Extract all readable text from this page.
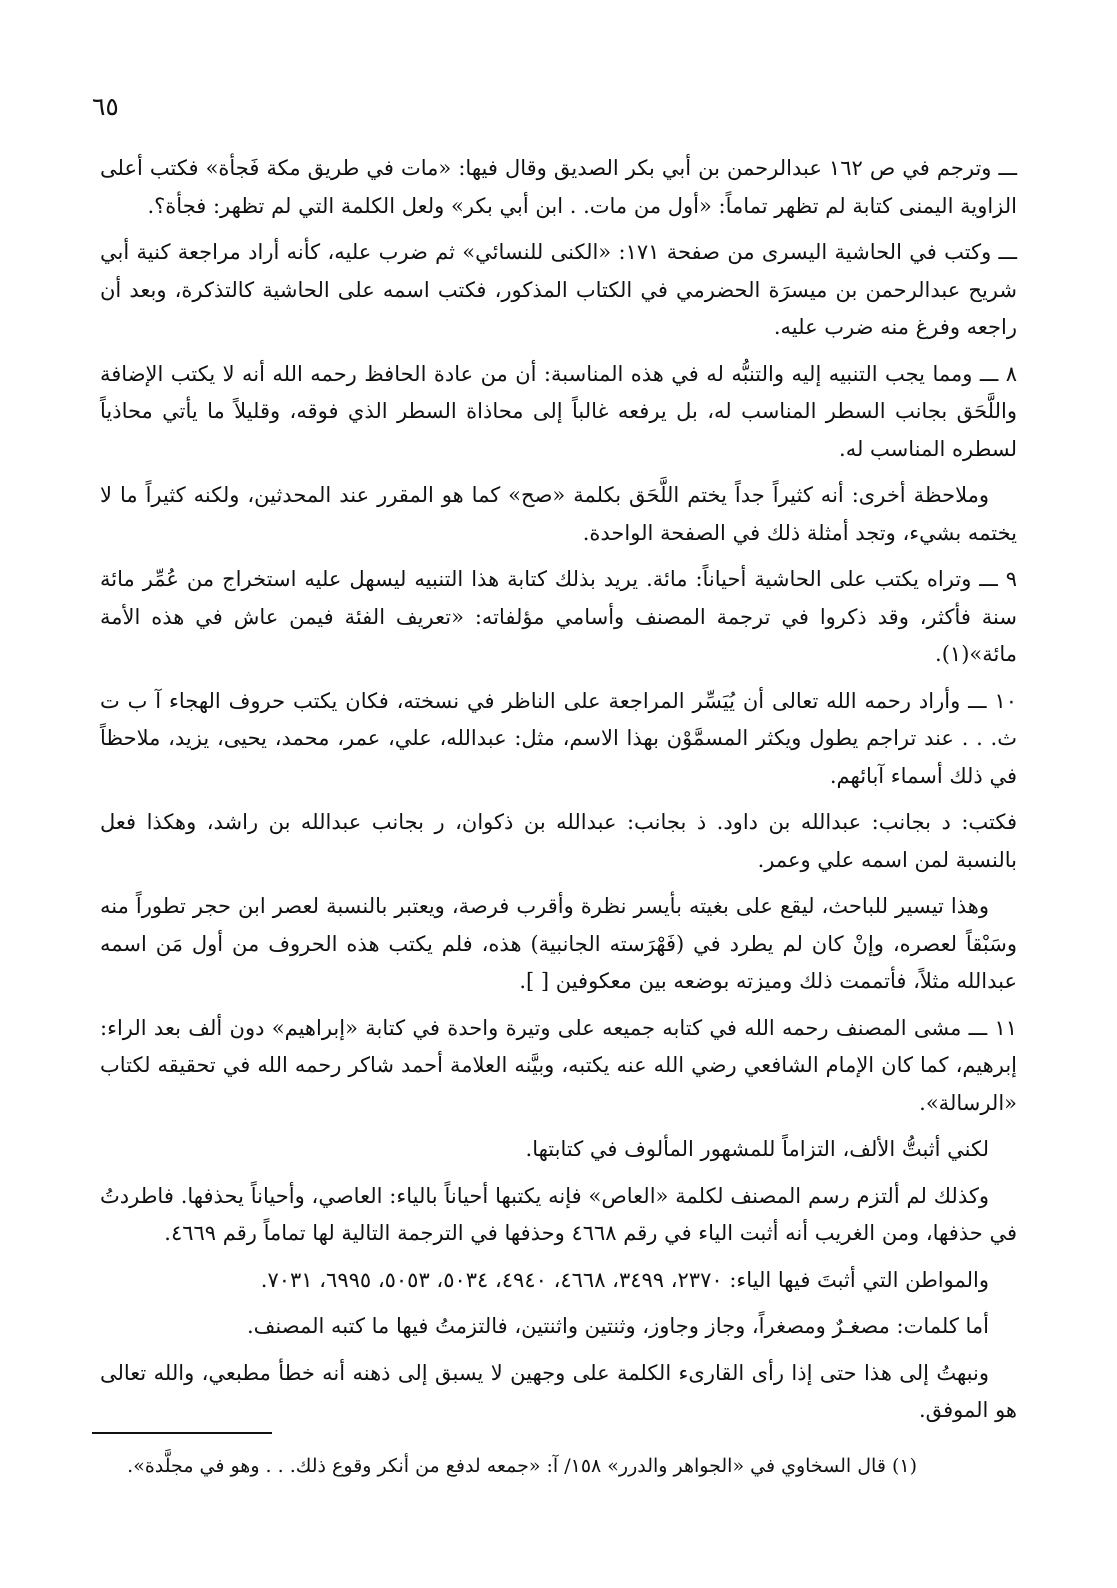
٦٥

ـــ وترجم في ص ١٦٢ عبدالرحمن بن أبي بكر الصديق وقال فيها: «مات في طريق مكة فَجأة» فكتب أعلى الزاوية اليمنى كتابة لم تظهر تماماً: «أول من مات. . ابن أبي بكر» ولعل الكلمة التي لم تظهر: فجأة؟.

ـــ وكتب في الحاشية اليسرى من صفحة ١٧١: «الكنى للنسائي» ثم ضرب عليه، كأنه أراد مراجعة كنية أبي شريح عبدالرحمن بن ميسرَة الحضرمي في الكتاب المذكور، فكتب اسمه على الحاشية كالتذكرة، وبعد أن راجعه وفرغ منه ضرب عليه.

٨ ـــ ومما يجب التنبيه إليه والتنبُّه له في هذه المناسبة: أن من عادة الحافظ رحمه الله أنه لا يكتب الإضافة واللَّحَق بجانب السطر المناسب له، بل يرفعه غالباً إلى محاذاة السطر الذي فوقه، وقليلاً ما يأتي محاذياً لسطره المناسب له.

وملاحظة أخرى: أنه كثيراً جداً يختم اللَّحَق بكلمة «صح» كما هو المقرر عند المحدثين، ولكنه كثيراً ما لا يختمه بشيء، وتجد أمثلة ذلك في الصفحة الواحدة.

٩ ـــ وتراه يكتب على الحاشية أحياناً: مائة. يريد بذلك كتابة هذا التنبيه ليسهل عليه استخراج من عُمِّر مائة سنة فأكثر، وقد ذكروا في ترجمة المصنف وأسامي مؤلفاته: «تعريف الفئة فيمن عاش في هذه الأمة مائة»(١).

١٠ ـــ وأراد رحمه الله تعالى أن يُيَسِّر المراجعة على الناظر في نسخته، فكان يكتب حروف الهجاء آ ب ت ث. . . عند تراجم يطول ويكثر المسمَّوْن بهذا الاسم، مثل: عبدالله، علي، عمر، محمد، يحيى، يزيد، ملاحظاً في ذلك أسماء آبائهم.

فكتب: د بجانب: عبدالله بن داود. ذ بجانب: عبدالله بن ذكوان، ر بجانب عبدالله بن راشد، وهكذا فعل بالنسبة لمن اسمه علي وعمر.

وهذا تيسير للباحث، ليقع على بغيته بأيسر نظرة وأقرب فرصة، ويعتبر بالنسبة لعصر ابن حجر تطوراً منه وسَبْقاً لعصره، وإنْ كان لم يطرد في (فَهْرَسته الجانبية) هذه، فلم يكتب هذه الحروف من أول مَن اسمه عبدالله مثلاً، فأتممت ذلك وميزته بوضعه بين معكوفين [ ].

١١ ـــ مشى المصنف رحمه الله في كتابه جميعه على وتيرة واحدة في كتابة «إبراهيم» دون ألف بعد الراء: إبرهيم، كما كان الإمام الشافعي رضي الله عنه يكتبه، وبيَّنه العلامة أحمد شاكر رحمه الله في تحقيقه لكتاب «الرسالة».

لكني أثبتُّ الألف، التزاماً للمشهور المألوف في كتابتها.

وكذلك لم ألتزم رسم المصنف لكلمة «العاص» فإنه يكتبها أحياناً بالياء: العاصي، وأحياناً يحذفها. فاطردتُ في حذفها، ومن الغريب أنه أثبت الياء في رقم ٤٦٦٨ وحذفها في الترجمة التالية لها تماماً رقم ٤٦٦٩.

والمواطن التي أثبتَ فيها الياء: ٢٣٧٠، ٣٤٩٩، ٤٦٦٨، ٤٩٤٠، ٥٠٣٤، ٥٠٥٣، ٦٩٩٥، ٧٠٣١.

أما كلمات: مصغـرٌ ومصغراً، وجاز وجاوز، وثنتين واثنتين، فالتزمتُ فيها ما كتبه المصنف.

ونبهتُ إلى هذا حتى إذا رأى القارىء الكلمة على وجهين لا يسبق إلى ذهنه أنه خطأ مطبعي، والله تعالى هو الموفق.

(١) قال السخاوي في «الجواهر والدرر» ١٥٨/ آ: «جمعه لدفع من أنكر وقوع ذلك. . . وهو في مجلَّدة».
